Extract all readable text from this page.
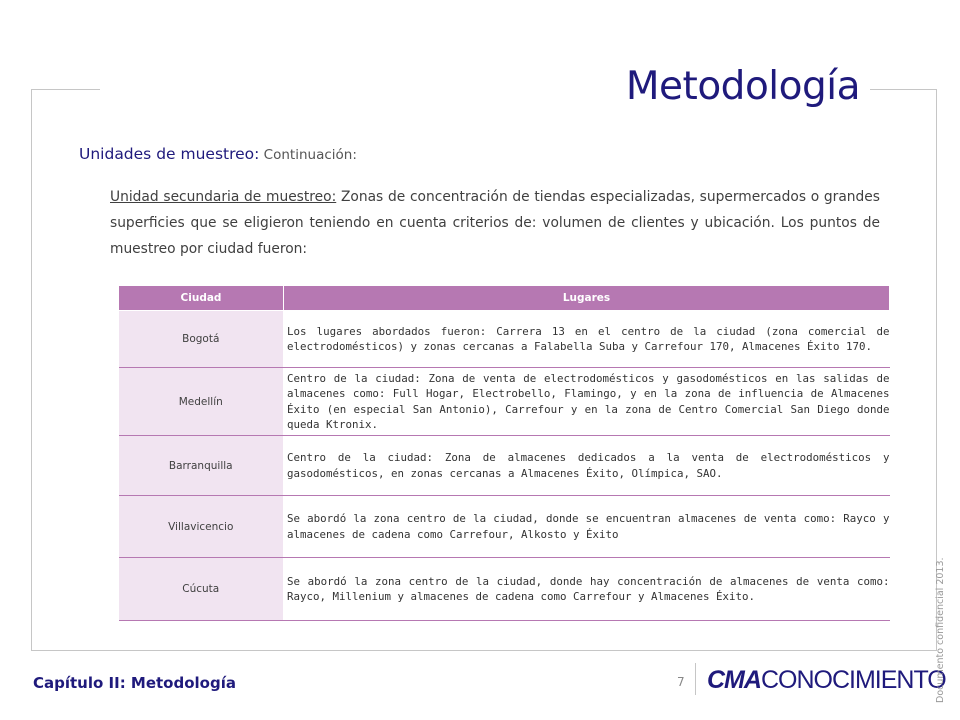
Metodología
Unidades de muestreo: Continuación:
Unidad secundaria de muestreo: Zonas de concentración de tiendas especializadas, supermercados o grandes superficies que se eligieron teniendo en cuenta criterios de: volumen de clientes y ubicación. Los puntos de muestreo por ciudad fueron:
Ciudad	Lugares
Bogotá	Los lugares abordados fueron: Carrera 13 en el centro de la ciudad (zona comercial de electrodomésticos) y zonas cercanas a Falabella Suba y Carrefour 170, Almacenes Éxito 170.
Medellín	Centro de la ciudad: Zona de venta de electrodomésticos y gasodomésticos en las salidas de almacenes como: Full Hogar, Electrobello, Flamingo, y en la zona de influencia de Almacenes Éxito (en especial San Antonio), Carrefour y en la zona de Centro Comercial San Diego donde queda Ktronix.
Barranquilla	Centro de la ciudad: Zona de almacenes dedicados a la venta de electrodomésticos y gasodomésticos, en zonas cercanas a Almacenes Éxito, Olímpica, SAO.
Villavicencio	Se abordó la zona centro de la ciudad, donde se encuentran almacenes de venta como: Rayco y almacenes de cadena como Carrefour, Alkosto y Éxito
Cúcuta	Se abordó la zona centro de la ciudad, donde hay concentración de almacenes de venta como: Rayco, Millenium y almacenes de cadena como Carrefour y Almacenes Éxito.
Capítulo II: Metodología	7 CMACONOCIMIENTO
Documento confidencial 2013.
